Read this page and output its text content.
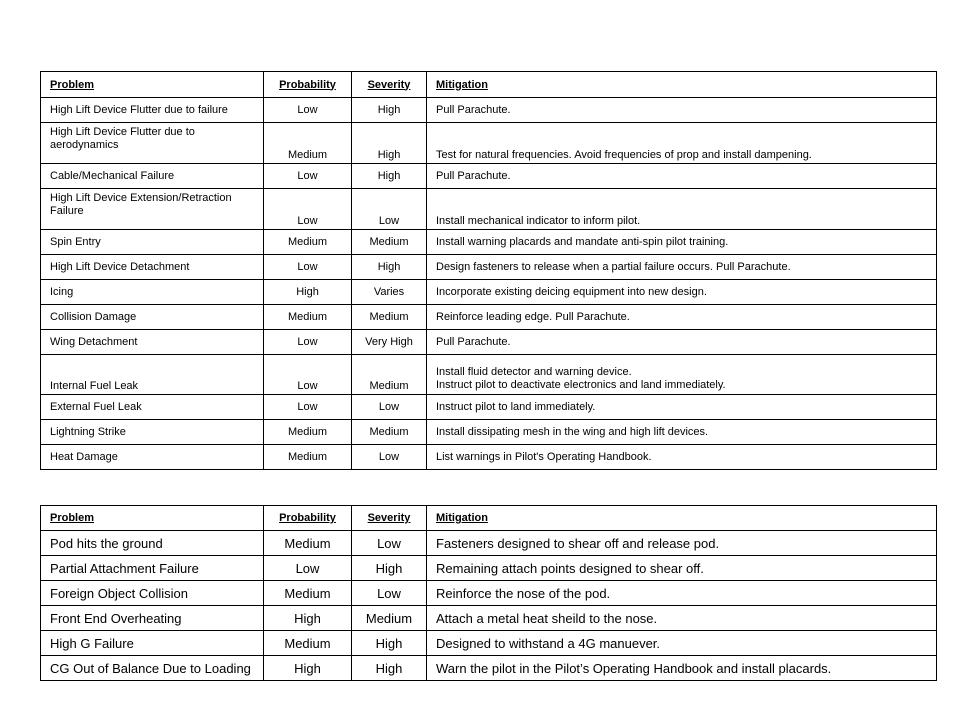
Problem	Probability	Severity	Mitigation
High Lift Device Flutter due to failure	Low	High	Pull Parachute.
High Lift Device Flutter due to aerodynamics	Medium	High	Test for natural frequencies. Avoid frequencies of prop and install dampening.
Cable/Mechanical Failure	Low	High	Pull Parachute.
High Lift Device Extension/Retraction Failure	Low	Low	Install mechanical indicator to inform pilot.
Spin Entry	Medium	Medium	Install warning placards and mandate anti-spin pilot training.
High Lift Device Detachment	Low	High	Design fasteners to release when a partial failure occurs. Pull Parachute.
Icing	High	Varies	Incorporate existing deicing equipment into new design.
Collision Damage	Medium	Medium	Reinforce leading edge. Pull Parachute.
Wing Detachment	Low	Very High	Pull Parachute.
Internal Fuel Leak	Low	Medium	Install fluid detector and warning device.
Instruct pilot to deactivate electronics and land immediately.

External Fuel Leak	Low	Low	Instruct pilot to land immediately.
Lightning Strike	Medium	Medium	Install dissipating mesh in the wing and high lift devices.
Heat Damage	Medium	Low	List warnings in Pilot's Operating Handbook.
Problem	Probability	Severity	Mitigation
Pod hits the ground	Medium	Low	Fasteners designed to shear off and release pod.
Partial Attachment Failure	Low	High	Remaining attach points designed to shear off.
Foreign Object Collision	Medium	Low	Reinforce the nose of the pod.
Front End Overheating	High	Medium	Attach a metal heat sheild to the nose.
High G Failure	Medium	High	Designed to withstand a 4G manuever.
CG Out of Balance Due to Loading	High	High	Warn the pilot in the Pilot’s Operating Handbook and install placards.
